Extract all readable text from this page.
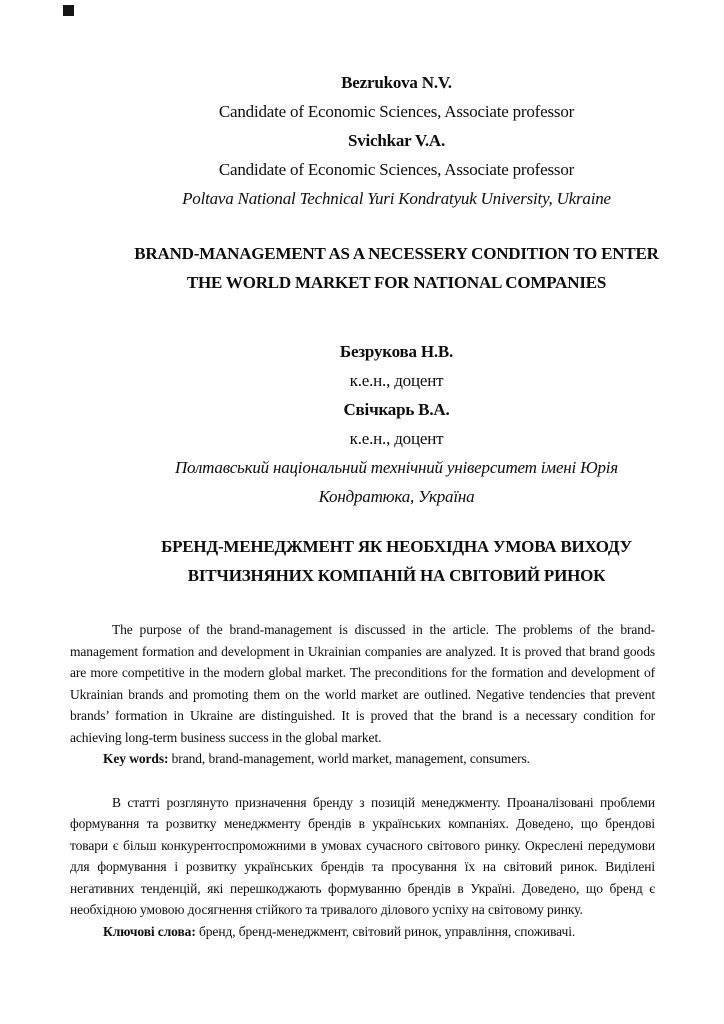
Bezrukova N.V.
Candidate of Economic Sciences, Associate professor
Svichkar V.A.
Candidate of Economic Sciences, Associate professor
Poltava National Technical Yuri Kondratyuk University, Ukraine
BRAND-MANAGEMENT AS A NECESSERY CONDITION TO ENTER
THE WORLD MARKET FOR NATIONAL COMPANIES
Безрукова Н.В.
к.е.н., доцент
Свічкарь В.А.
к.е.н., доцент
Полтавський національний технічний університет імені Юрія
Кондратюка, Україна
БРЕНД-МЕНЕДЖМЕНТ ЯК НЕОБХІДНА УМОВА ВИХОДУ
ВІТЧИЗНЯНИХ КОМПАНІЙ НА СВІТОВИЙ РИНОК
The purpose of the brand-management is discussed in the article. The problems of the brand-management formation and development in Ukrainian companies are analyzed. It is proved that brand goods are more competitive in the modern global market. The preconditions for the formation and development of Ukrainian brands and promoting them on the world market are outlined. Negative tendencies that prevent brands’ formation in Ukraine are distinguished. It is proved that the brand is a necessary condition for achieving long-term business success in the global market.
Key words: brand, brand-management, world market, management, consumers.
В статті розглянуто призначення бренду з позицій менеджменту. Проаналізовані проблеми формування та розвитку менеджменту брендів в українських компаніях. Доведено, що брендові товари є більш конкурентоспроможними в умовах сучасного світового ринку. Окреслені передумови для формування і розвитку українських брендів та просування їх на світовий ринок. Виділені негативних тенденцій, які перешкоджають формуванню брендів в Україні. Доведено, що бренд є необхідною умовою досягнення стійкого та тривалого ділового успіху на світовому ринку.
Ключові слова: бренд, бренд-менеджмент, світовий ринок, управління, споживачі.
